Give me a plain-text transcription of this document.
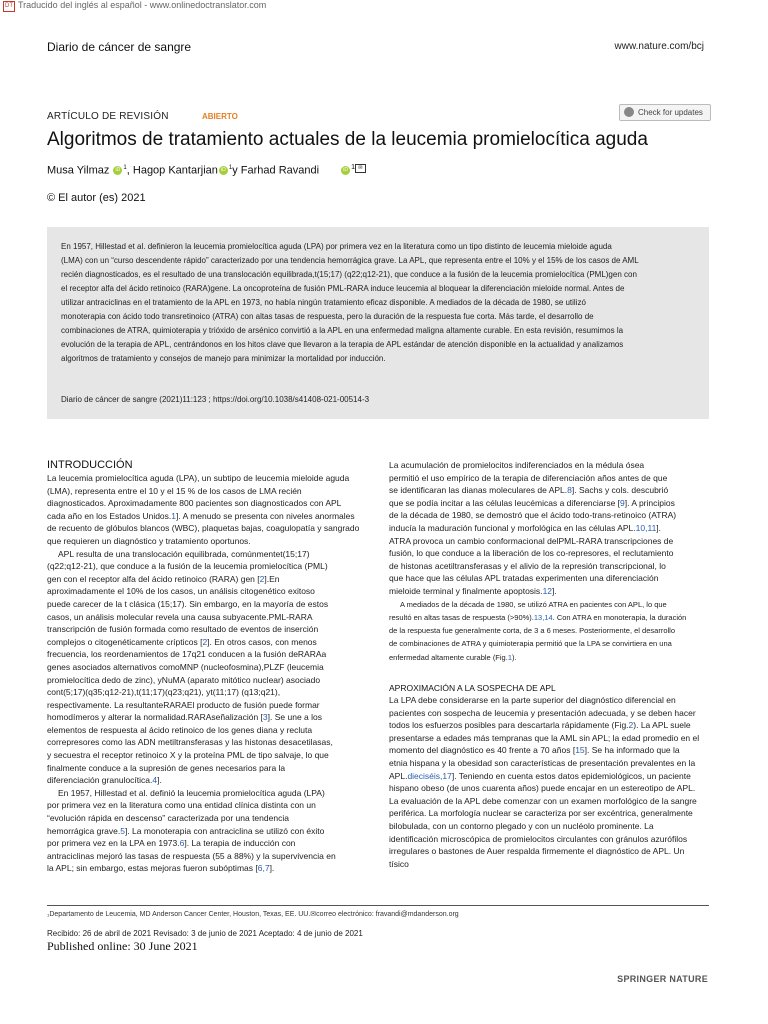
DT Traducido del inglés al español - www.onlinedoctranslator.com
Diario de cáncer de sangre	www.nature.com/bcj
ARTÍCULO DE REVISIÓN	ABIERTO	Check for updates
Algoritmos de tratamiento actuales de la leucemia promielocítica aguda
Musa Yilmaz iD $^1$, Hagop Kantarjian iD $^1$y Farhad Ravandi	iD $^1$ ✉
© El autor (es) 2021
En 1957, Hillestad et al. definieron la leucemia promielocítica aguda (LPA) por primera vez en la literatura como un tipo distinto de leucemia mieloide aguda
(LMA) con un “curso descendente rápido” caracterizado por una tendencia hemorrágica grave. La APL, que representa entre el 10% y el 15% de los casos de AML
recién diagnosticados, es el resultado de una translocación equilibrada,t(15;17) (q22;q12-21), que conduce a la fusión de la leucemia promielocítica (PML)gen con
el receptor alfa del ácido retinoico (RARA)gene. La oncoproteína de fusión PML-RARA induce leucemia al bloquear la diferenciación mieloide normal. Antes de
utilizar antraciclinas en el tratamiento de la APL en 1973, no había ningún tratamiento eficaz disponible. A mediados de la década de 1980, se utilizó
monoterapia con ácido todo transretinoico (ATRA) con altas tasas de respuesta, pero la duración de la respuesta fue corta. Más tarde, el desarrollo de
combinaciones de ATRA, quimioterapia y trióxido de arsénico convirtió a la APL en una enfermedad maligna altamente curable. En esta revisión, resumimos la
evolución de la terapia de APL, centrándonos en los hitos clave que llevaron a la terapia de APL estándar de atención disponible en la actualidad y analizamos
algoritmos de tratamiento y consejos de manejo para minimizar la mortalidad por inducción.
Diario de cáncer de sangre (2021)11:123 ; https://doi.org/10.1038/s41408-021-00514-3
INTRODUCCIÓN

La leucemia promielocítica aguda (LPA), un subtipo de leucemia mieloide aguda
(LMA), representa entre el 10 y el 15 % de los casos de LMA recién
diagnosticados. Aproximadamente 800 pacientes son diagnosticados con APL
cada año en los Estados Unidos.1]. A menudo se presenta con niveles anormales
de recuento de glóbulos blancos (WBC), plaquetas bajas, coagulopatía y sangrado
que requieren un diagnóstico y tratamiento oportunos.

APL resulta de una translocación equilibrada, comúnmentet(15;17)
(q22;q12-21), que conduce a la fusión de la leucemia promielocítica (PML)
gen con el receptor alfa del ácido retinoico (RARA) gen [2].En
aproximadamente el 10% de los casos, un análisis citogenético exitoso
puede carecer de la t clásica (15;17). Sin embargo, en la mayoría de estos
casos, un análisis molecular revela una causa subyacente.PML-RARA
transcripción de fusión formada como resultado de eventos de inserción
complejos o citogenéticamente crípticos [2]. En otros casos, con menos
frecuencia, los reordenamientos de 17q21 conducen a la fusión deRARAa
genes asociados alternativos comoMNP (nucleofosmina),PLZF (leucemia
promielocítica dedo de zinc), yNuMA (aparato mitótico nuclear) asociado
cont(5;17)(q35;q12-21),t(11;17)(q23;q21), yt(11;17) (q13;q21),
respectivamente. La resultanteRARAEl producto de fusión puede formar
homodímeros y alterar la normalidad.RARAseñalización [3]. Se une a los
elementos de respuesta al ácido retinoico de los genes diana y recluta
correpresores como las ADN metiltransferasas y las histonas desacetilasas,
y secuestra el receptor retinoico X y la proteína PML de tipo salvaje, lo que
finalmente conduce a la supresión de genes necesarios para la
diferenciación granulocítica.4].

En 1957, Hillestad et al. definió la leucemia promielocítica aguda (LPA)
por primera vez en la literatura como una entidad clínica distinta con un
“evolución rápida en descenso” caracterizada por una tendencia
hemorrágica grave.5]. La monoterapia con antraciclina se utilizó con éxito
por primera vez en la LPA en 1973.6]. La terapia de inducción con
antraciclinas mejoró las tasas de respuesta (55 a 88%) y la supervivencia en
la APL; sin embargo, estas mejoras fueron subóptimas [6,7].

La acumulación de promielocitos indiferenciados en la médula ósea
permitió el uso empírico de la terapia de diferenciación años antes de que
se identificaran las dianas moleculares de APL.8]. Sachs y cols. descubrió
que se podía incitar a las células leucémicas a diferenciarse [9]. A principios
de la década de 1980, se demostró que el ácido todo-trans-retinoico (ATRA)
inducía la maduración funcional y morfológica en las células APL.10,11].
ATRA provoca un cambio conformacional delPML-RARA transcripciones de
fusión, lo que conduce a la liberación de los co-represores, el reclutamiento
de histonas acetiltransferasas y el alivio de la represión transcripcional, lo
que hace que las células APL tratadas experimenten una diferenciación
mieloide terminal y finalmente apoptosis.12].

A mediados de la década de 1980, se utilizó ATRA en pacientes con APL, lo que
resultó en altas tasas de respuesta (>90%).13,14. Con ATRA en monoterapia, la duración
de la respuesta fue generalmente corta, de 3 a 6 meses. Posteriormente, el desarrollo
de combinaciones de ATRA y quimioterapia permitió que la LPA se convirtiera en una
enfermedad altamente curable (Fig.1).

APROXIMACIÓN A LA SOSPECHA DE APL

La LPA debe considerarse en la parte superior del diagnóstico diferencial en
pacientes con sospecha de leucemia y presentación adecuada, y se deben hacer
todos los esfuerzos posibles para descartarla rápidamente (Fig.2). La APL suele
presentarse a edades más tempranas que la AML sin APL; la edad promedio en el
momento del diagnóstico es 40 frente a 70 años [15]. Se ha informado que la
etnia hispana y la obesidad son características de presentación prevalentes en la
APL.dieciséis,17]. Teniendo en cuenta estos datos epidemiológicos, un paciente
hispano obeso (de unos cuarenta años) puede encajar en un estereotipo de APL.
La evaluación de la APL debe comenzar con un examen morfológico de la sangre
periférica. La morfología nuclear se caracteriza por ser excéntrica, generalmente
bilobulada, con un contorno plegado y con un nucléolo prominente. La
identificación microscópica de promielocitos circulantes con gránulos azurófilos
irregulares o bastones de Auer respalda firmemente el diagnóstico de APL. Un
tísico

₁Departamento de Leucemia, MD Anderson Cancer Center, Houston, Texas, EE. UU.✉correo electrónico: fravandi@mdanderson.org
Recibido: 26 de abril de 2021 Revisado: 3 de junio de 2021 Aceptado: 4 de junio de 2021
Published online: 30 June 2021
SPRINGER NATURE
